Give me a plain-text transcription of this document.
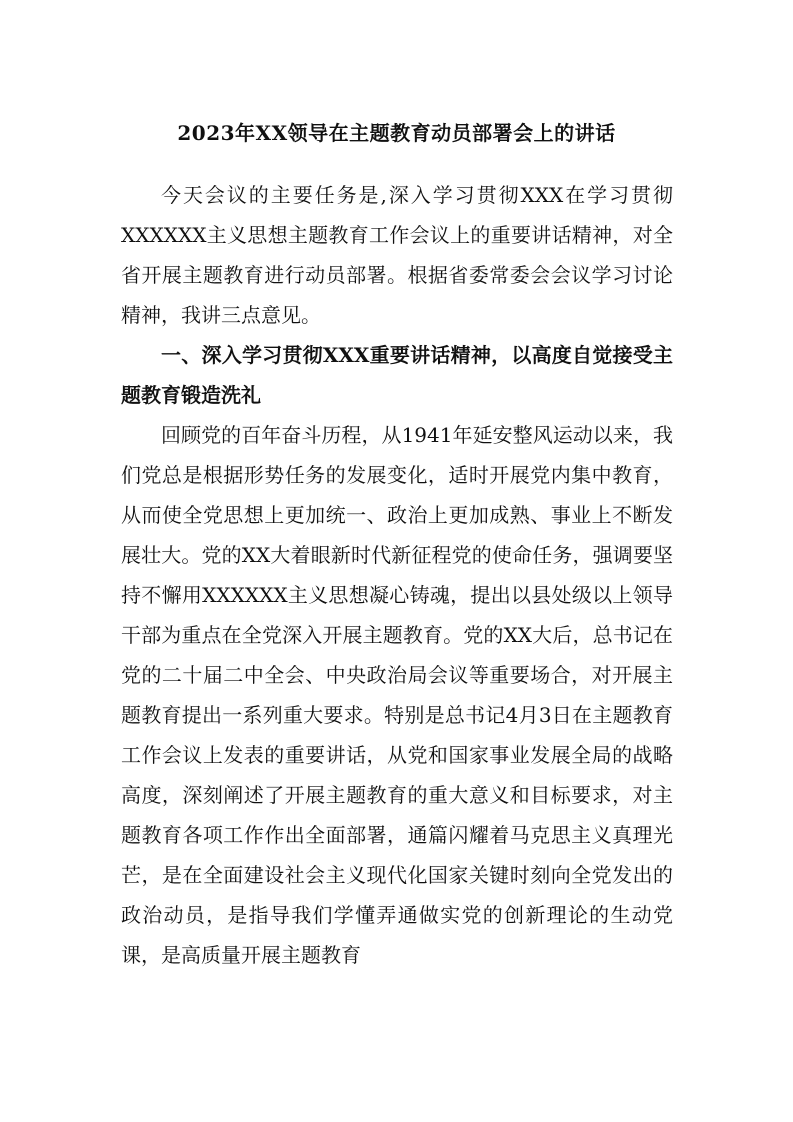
2023年XX领导在主题教育动员部署会上的讲话

今天会议的主要任务是,深入学习贯彻XXX在学习贯彻XXXXXX主义思想主题教育工作会议上的重要讲话精神，对全省开展主题教育进行动员部署。根据省委常委会会议学习讨论精神，我讲三点意见。

一、深入学习贯彻XXX重要讲话精神，以高度自觉接受主题教育锻造洗礼

回顾党的百年奋斗历程，从1941年延安整风运动以来，我们党总是根据形势任务的发展变化，适时开展党内集中教育，从而使全党思想上更加统一、政治上更加成熟、事业上不断发展壮大。党的XX大着眼新时代新征程党的使命任务，强调要坚持不懈用XXXXXX主义思想凝心铸魂，提出以县处级以上领导干部为重点在全党深入开展主题教育。党的XX大后，总书记在党的二十届二中全会、中央政治局会议等重要场合，对开展主题教育提出一系列重大要求。特别是总书记4月3日在主题教育工作会议上发表的重要讲话，从党和国家事业发展全局的战略高度，深刻阐述了开展主题教育的重大意义和目标要求，对主题教育各项工作作出全面部署，通篇闪耀着马克思主义真理光芒，是在全面建设社会主义现代化国家关键时刻向全党发出的政治动员，是指导我们学懂弄通做实党的创新理论的生动党课，是高质量开展主题教育
